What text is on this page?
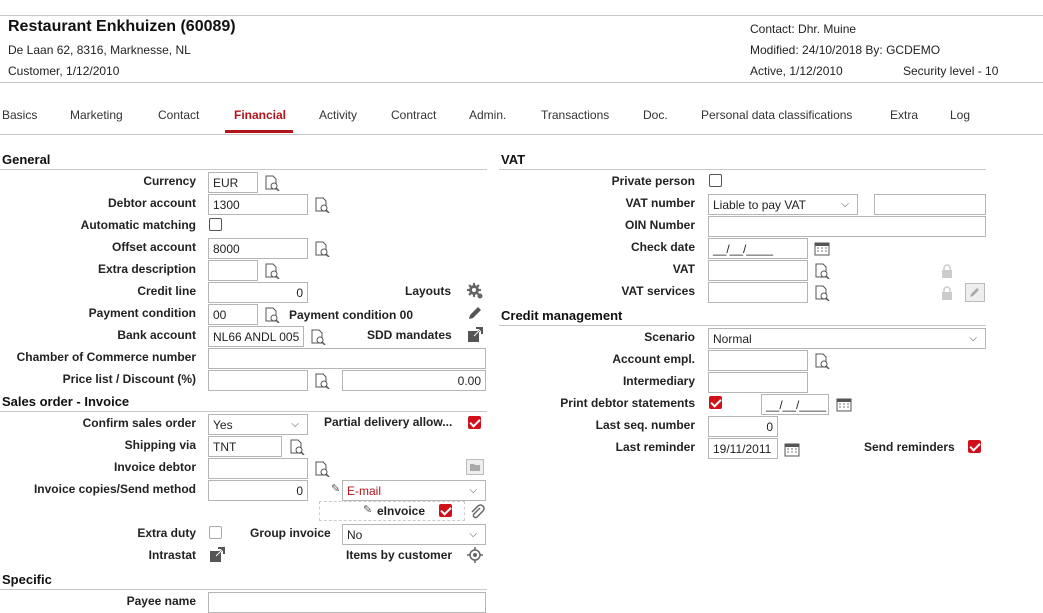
Restaurant Enkhuizen (60089)
De Laan 62, 8316, Marknesse, NL
Customer, 1/12/2010
Contact: Dhr. Muine
Modified: 24/10/2018 By: GCDEMO
Active, 1/12/2010	Security level - 10
Basics	Marketing	Contact	Financial	Activity	Contract	Admin.	Transactions	Doc.	Personal data classifications	Extra	Log
General
Currency	EUR
Debtor account	1300
Automatic matching
Offset account	8000
Extra description
Credit line	0	Layouts
Payment condition	00	Payment condition 00
Bank account	NL66 ANDL 005	SDD mandates
Chamber of Commerce number
Price list / Discount (%)	0.00
Sales order - Invoice
Confirm sales order	Yes	⌵ Partial delivery allow...
Shipping via	TNT
Invoice debtor
Invoice copies/Send method	0	✎ E-mail	⌵
✎ eInvoice
Extra duty	Group invoice	No	⌵
Intrastat	Items by customer
Specific
Payee name
VAT
Private person
VAT number	Liable to pay VAT	⌵
OIN Number
Check date	__/__/____
VAT
VAT services
Credit management
Scenario	Normal	⌵
Account empl.
Intermediary
Print debtor statements	__/__/____
Last seq. number	0
Last reminder	19/11/2011	Send reminders
